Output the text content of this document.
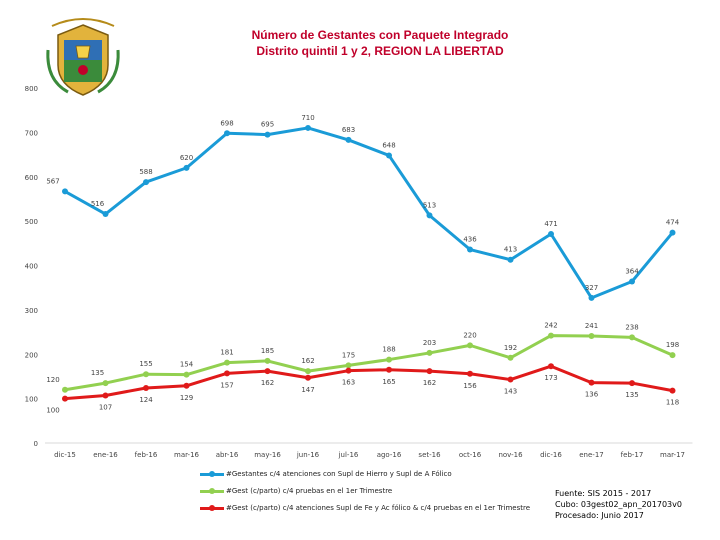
Número de Gestantes con Paquete Integrado
Distrito quintil 1 y 2, REGION LA LIBERTAD
0
100
200
300
400
500
600
700
800
dic-15 ene-16 feb-16 mar-16 abr-16 may-16 jun-16	jul-16	ago-16 set-16	oct-16 nov-16	dic-16 ene-17 feb-17 mar-17
567
516
588
620
698	695
710
683
648
513
436
413
471
327
364
474
120
135
155	154
181	185
162
175
188
203
220
192
242	241	238
198
100	107
124	129
157	162
147
163	165	162	156
143
173
136	135
118
#Gestantes c/4 atenciones con Supl de Hierro y Supl de A Fólico
#Gest (c/parto) c/4 pruebas en el 1er Trimestre
#Gest (c/parto) c/4 atenciones Supl de Fe y Ac fólico & c/4 pruebas en el 1er Trimestre
Fuente: SIS 2015 - 2017
Cubo: 03gest02_apn_201703v0
Procesado: Junio 2017
